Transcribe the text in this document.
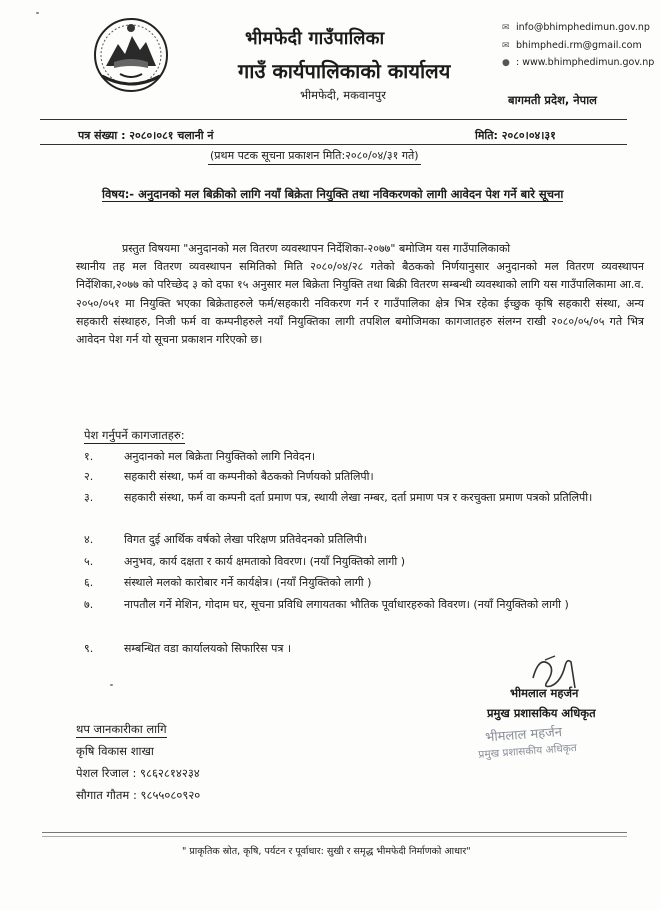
भीमफेदी गाउँपालिका
गाउँ कार्यपालिकाको कार्यालय
भीमफेदी, मकवानपुर
✉ info@bhimphedimun.gov.np
✉ bhimphedi.rm@gmail.com
● : www.bhimphedimun.gov.np
बागमती प्रदेश, नेपाल
पत्र संख्या : २०८०।०८१ चलानी नं	मिति: २०८०।०४।३१
(प्रथम पटक सूचना प्रकाशन मिति:२०८०/०४/३१ गते)
विषय:- अनुदानको मल बिक्रीको लागि नयाँ बिक्रेता नियुक्ति तथा नविकरणको लागी आवेदन पेश गर्ने बारे सूचना
प्रस्तुत विषयमा "अनुदानको मल वितरण व्यवस्थापन निर्देशिका-२०७७" बमोजिम यस गाउँपालिकाको
स्थानीय तह मल वितरण व्यवस्थापन समितिको मिति २०८०/०४/२८ गतेको बैठकको निर्णयानुसार अनुदानको मल वितरण व्यवस्थापन निर्देशिका,२०७७ को परिच्छेद ३ को दफा १५ अनुसार मल बिक्रेता नियुक्ति तथा बिक्री वितरण सम्बन्धी व्यवस्थाको लागि यस गाउँपालिकामा आ.व. २०५०/०५१ मा नियुक्ति भएका बिक्रेताहरुले फर्म/सहकारी नविकरण गर्न र गाउँपालिका क्षेत्र भित्र रहेका ईच्छुक कृषि सहकारी संस्था, अन्य सहकारी संस्थाहरु, निजी फर्म वा कम्पनीहरुले नयाँ नियुक्तिका लागी तपशिल बमोजिमका कागजातहरु संलग्न राखी २०८०/०५/०५ गते भित्र आवेदन पेश गर्न यो सूचना प्रकाशन गरिएको छ।
पेश गर्नुपर्ने कागजातहरु:
१.	अनुदानको मल बिक्रेता नियुक्तिको लागि निवेदन।
२.	सहकारी संस्था, फर्म वा कम्पनीको बैठकको निर्णयको प्रतिलिपी।
३.	सहकारी संस्था, फर्म वा कम्पनी दर्ता प्रमाण पत्र, स्थायी लेखा नम्बर, दर्ता प्रमाण पत्र र करचुक्ता प्रमाण पत्रको प्रतिलिपी।
४.	विगत दुई आर्थिक वर्षको लेखा परिक्षण प्रतिवेदनको प्रतिलिपी।
५.	अनुभव, कार्य दक्षता र कार्य क्षमताको विवरण। (नयाँ नियुक्तिको लागी )
६.	संस्थाले मलको कारोबार गर्ने कार्यक्षेत्र। (नयाँ नियुक्तिको लागी )
७.	नापतौल गर्ने मेशिन, गोदाम घर, सूचना प्रविधि लगायतका भौतिक पूर्वाधारहरुको विवरण। (नयाँ नियुक्तिको लागी )
९.	सम्बन्धित वडा कार्यालयको सिफारिस पत्र ।
भीमलाल महर्जन
प्रमुख प्रशासकिय अधिकृत
भीमलाल महर्जन
प्रमुख प्रशासकीय अधिकृत
थप जानकारीका लागि
कृषि विकास शाखा
पेशल रिजाल : ९८६२८१४२३४
सौगात गौतम : ९८५५०८०९२०
" प्राकृतिक स्रोत, कृषि, पर्यटन र पूर्वाधार: सुखी र समृद्ध भीमफेदी निर्माणको आधार"
